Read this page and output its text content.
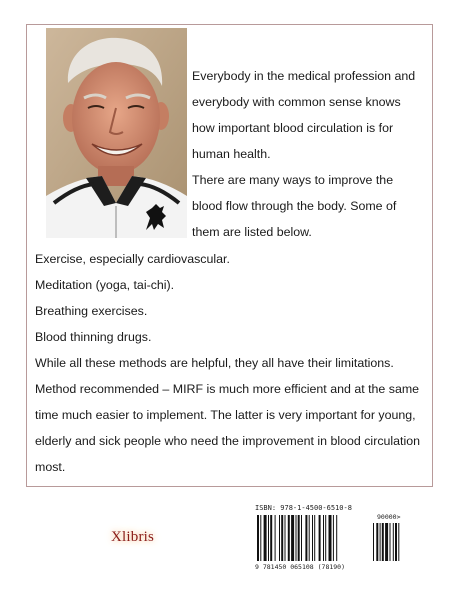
Everybody in the medical profession and everybody with common sense knows how important blood circulation is for human health.

There are many ways to improve the blood flow through the body. Some of them are listed below.

Exercise, especially cardiovascular.

Meditation (yoga, tai-chi).

Breathing exercises.

Blood thinning drugs.

While all these methods are helpful, they all have their limitations.

Method recommended – MIRF is much more efficient and at the same time much easier to implement. The latter is very important for young, elderly and sick people who need the improvement in blood circulation most.

Xlibris
ISBN: 978-1-4500-6510-8
90000>
9 781450 065108 (78190)
